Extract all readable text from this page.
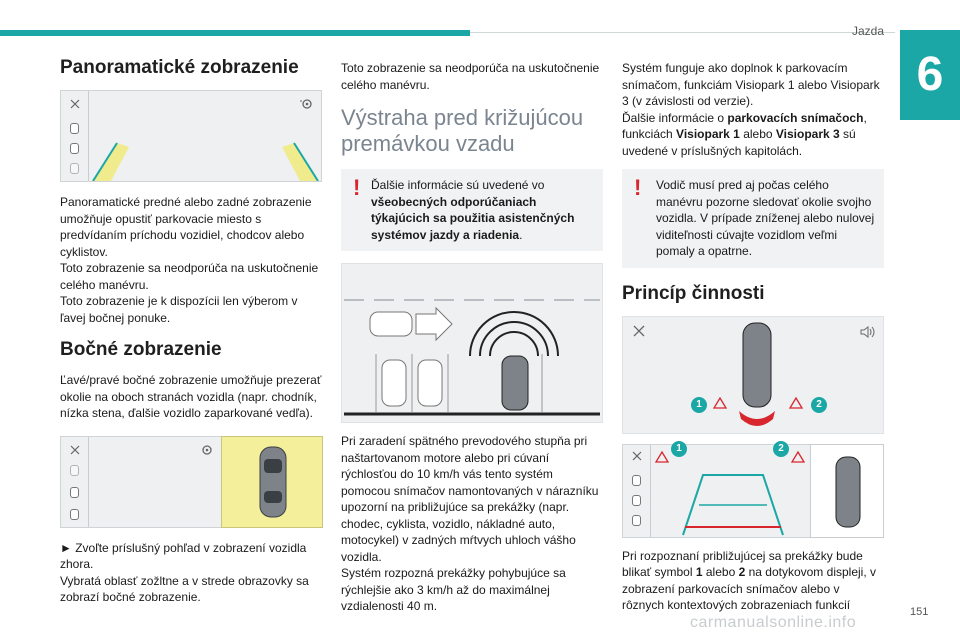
Jazda
6
Panoramatické zobrazenie

Panoramatické predné alebo zadné zobrazenie umožňuje opustiť parkovacie miesto s predvídaním príchodu vozidiel, chodcov alebo cyklistov.

Toto zobrazenie sa neodporúča na uskutočnenie celého manévru.

Toto zobrazenie je k dispozícii len výberom v ľavej bočnej ponuke.

Bočné zobrazenie

Ľavé/pravé bočné zobrazenie umožňuje prezerať okolie na oboch stranách vozidla (napr. chodník, nízka stena, ďalšie vozidlo zaparkované vedľa).

► Zvoľte príslušný pohľad v zobrazení vozidla zhora.

Vybratá oblasť zožltne a v strede obrazovky sa zobrazí bočné zobrazenie.

Toto zobrazenie sa neodporúča na uskutočnenie celého manévru.

Výstraha pred križujúcou premávkou vzadu
! Ďalšie informácie sú uvedené vo všeobecných odporúčaniach týkajúcich sa použitia asistenčných systémov jazdy a riadenia.

Pri zaradení spätného prevodového stupňa pri naštartovanom motore alebo pri cúvaní rýchlosťou do 10 km/h vás tento systém pomocou snímačov namontovaných v nárazníku upozorní na približujúce sa prekážky (napr. chodec, cyklista, vozidlo, nákladné auto, motocykel) v zadných mŕtvych uhloch vášho vozidla.

Systém rozpozná prekážky pohybujúce sa rýchlejšie ako 3 km/h až do maximálnej vzdialenosti 40 m.

Systém funguje ako doplnok k parkovacím snímačom, funkciám Visiopark 1 alebo Visiopark 3 (v závislosti od verzie).

Ďalšie informácie o parkovacích snímačoch, funkciách Visiopark 1 alebo Visiopark 3 sú uvedené v príslušných kapitolách.

! Vodič musí pred aj počas celého manévru pozorne sledovať okolie svojho vozidla. V prípade zníženej alebo nulovej viditeľnosti cúvajte vozidlom veľmi pomaly a opatrne.
Princíp činnosti
1	2
1	2

Pri rozpoznaní približujúcej sa prekážky bude blikať symbol 1 alebo 2 na dotykovom displeji, v zobrazení parkovacích snímačov alebo v rôznych kontextových zobrazeniach funkcií	151
carmanualsonline.info
